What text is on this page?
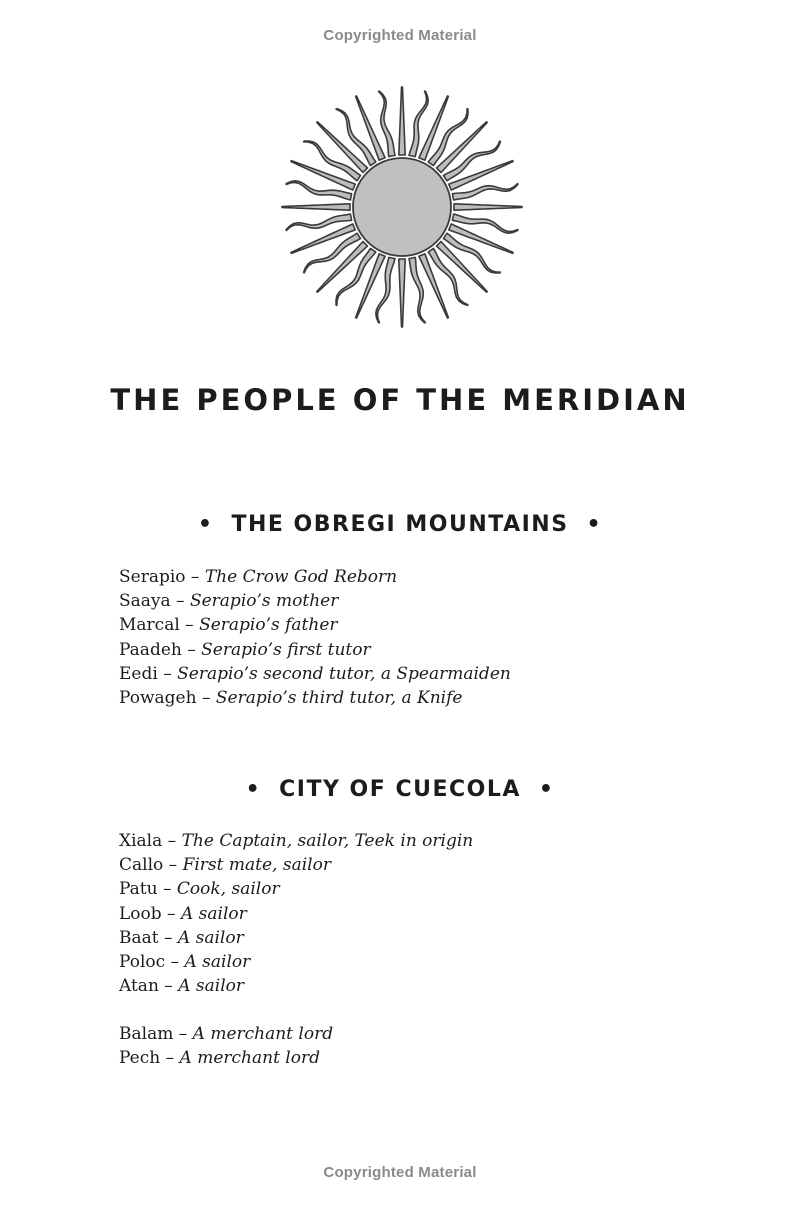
Copyrighted Material
THE PEOPLE OF THE MERIDIAN
• THE OBREGI MOUNTAINS •
Serapio – The Crow God Reborn
Saaya – Serapio’s mother
Marcal – Serapio’s father
Paadeh – Serapio’s first tutor
Eedi – Serapio’s second tutor, a Spearmaiden
Powageh – Serapio’s third tutor, a Knife
• CITY OF CUECOLA •
Xiala – The Captain, sailor, Teek in origin
Callo – First mate, sailor
Patu – Cook, sailor
Loob – A sailor
Baat – A sailor
Poloc – A sailor
Atan – A sailor
Balam – A merchant lord
Pech – A merchant lord
Copyrighted Material
